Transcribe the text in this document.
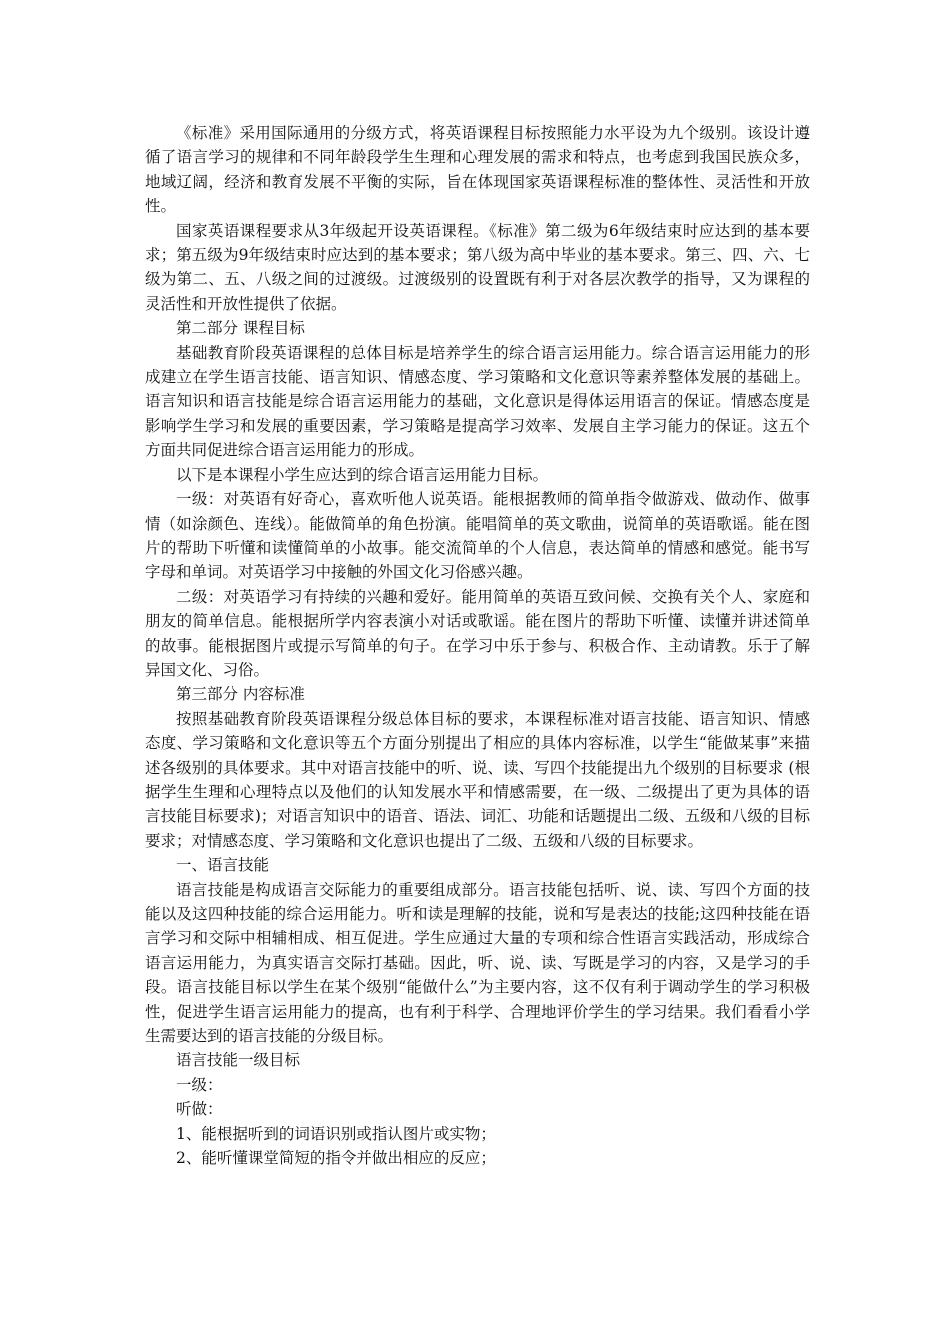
《标准》采用国际通用的分级方式，将英语课程目标按照能力水平设为九个级别。该设计遵循了语言学习的规律和不同年龄段学生生理和心理发展的需求和特点，也考虑到我国民族众多，地域辽阔，经济和教育发展不平衡的实际，旨在体现国家英语课程标准的整体性、灵活性和开放性。

国家英语课程要求从3年级起开设英语课程。《标准》第二级为6年级结束时应达到的基本要求；第五级为9年级结束时应达到的基本要求；第八级为高中毕业的基本要求。第三、四、六、七级为第二、五、八级之间的过渡级。过渡级别的设置既有利于对各层次教学的指导，又为课程的灵活性和开放性提供了依据。

第二部分 课程目标

基础教育阶段英语课程的总体目标是培养学生的综合语言运用能力。综合语言运用能力的形成建立在学生语言技能、语言知识、情感态度、学习策略和文化意识等素养整体发展的基础上。语言知识和语言技能是综合语言运用能力的基础，文化意识是得体运用语言的保证。情感态度是影响学生学习和发展的重要因素，学习策略是提高学习效率、发展自主学习能力的保证。这五个方面共同促进综合语言运用能力的形成。

以下是本课程小学生应达到的综合语言运用能力目标。

一级：对英语有好奇心，喜欢听他人说英语。能根据教师的简单指令做游戏、做动作、做事情（如涂颜色、连线）。能做简单的角色扮演。能唱简单的英文歌曲，说简单的英语歌谣。能在图片的帮助下听懂和读懂简单的小故事。能交流简单的个人信息，表达简单的情感和感觉。能书写字母和单词。对英语学习中接触的外国文化习俗感兴趣。

二级：对英语学习有持续的兴趣和爱好。能用简单的英语互致问候、交换有关个人、家庭和朋友的简单信息。能根据所学内容表演小对话或歌谣。能在图片的帮助下听懂、读懂并讲述简单的故事。能根据图片或提示写简单的句子。在学习中乐于参与、积极合作、主动请教。乐于了解异国文化、习俗。

第三部分 内容标准

按照基础教育阶段英语课程分级总体目标的要求，本课程标准对语言技能、语言知识、情感态度、学习策略和文化意识等五个方面分别提出了相应的具体内容标准，以学生“能做某事”来描述各级别的具体要求。其中对语言技能中的听、说、读、写四个技能提出九个级别的目标要求 (根据学生生理和心理特点以及他们的认知发展水平和情感需要，在一级、二级提出了更为具体的语言技能目标要求)；对语言知识中的语音、语法、词汇、功能和话题提出二级、五级和八级的目标要求；对情感态度、学习策略和文化意识也提出了二级、五级和八级的目标要求。

一、语言技能

语言技能是构成语言交际能力的重要组成部分。语言技能包括听、说、读、写四个方面的技能以及这四种技能的综合运用能力。听和读是理解的技能，说和写是表达的技能;这四种技能在语言学习和交际中相辅相成、相互促进。学生应通过大量的专项和综合性语言实践活动，形成综合语言运用能力，为真实语言交际打基础。因此，听、说、读、写既是学习的内容，又是学习的手段。语言技能目标以学生在某个级别“能做什么”为主要内容，这不仅有利于调动学生的学习积极性，促进学生语言运用能力的提高，也有利于科学、合理地评价学生的学习结果。我们看看小学生需要达到的语言技能的分级目标。

语言技能一级目标

一级：

听做：

1、能根据听到的词语识别或指认图片或实物；

2、能听懂课堂简短的指令并做出相应的反应；
